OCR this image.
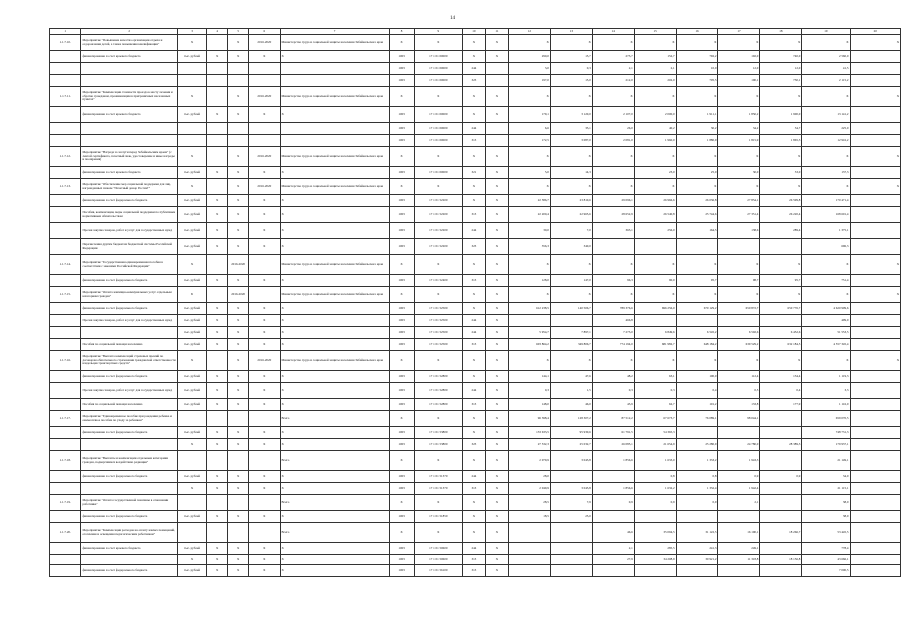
14
1	2	3	4	5	6	7	8	9	10	11	12	13	14	15	16	17	18	19	20
1.1.7.10.	Мероприятие "Повышение качества организации отдыха и оздоровления детей, а также повышения квалификации"	X		X	2016-2020	Министерство труда и социальной защиты населения Забайкальского края	X	X	X	X	X	X	X	X	X	X	X	X	X
	финансирование за счет краевого бюджета	тыс. рублей	X	X	X	X	1003	17 1 01 00000	X	X	290,0	15,7	273,7	152,7	792,2	192,0	740,0	2 560,0	
							1003	17 1 01 00000	244		3,0	0,3	2,1	2,1	10,0	12,0	12,0	41,5	
							1003	17 1 01 00000	323		197,0	15,0	212,0	202,0	705,5	190,1	730,1	2 115,2	
1.1.7.11.	Мероприятие "Компенсация стоимости проезда к месту лечения и обратно гражданам, проживающим в приграничных населенных пунктах"	X		X	2016-2020	Министерство труда и социальной защиты населения Забайкальского края	X	X	X	X	X	X	X	X	X	X	X	X	X
	финансирование за счет краевого бюджета	тыс. рублей	X	X	X	X	1003	17 1 01 00000	X	X	179,1	3 120,0	2 107,0	2 000,0	1 911,1	1 850,2	1 900,0	13 141,2	
							1003	17 1 01 00000	244		6,6	33,1	26,0	40,2	30,2	34,2	34,7	225,0	
							1003	17 1 01 00000	313		172,5	3 087,0	2 081,0	1 960,0	1 880,9	1 815,9	1 865,3	12 916,2	
1.1.7.12.	Мероприятие "Награда за заслуги перед Забайкальским краем" (с лентой сертификата, почетный знак, удостоверение и иные награды и поощрения)	X		X	2016-2020	Министерство труда и социальной защиты населения Забайкальского края	X	X	X	X	X	X	X	X	X	X	X	X	X
	финансирование за счет краевого бюджета	тыс. рублей	X	X	X	X	1003	17 1 01 00000	321	X	5,0	14,3		23,0	25,0	30,0	33,0	137,3	
1.1.7.13.	Мероприятие "Обеспечение мер социальной поддержки для лиц, награжденных знаком "Почетный донор России""	X		X	2016-2020	Министерство труда и социальной защиты населения Забайкальского края	X	X	X	X	X	X	X	X	X	X	X	X	X
	финансирование за счет федерального бюджета	тыс. рублей	X	X	X	X	1003	17 1 01 52200	X	X	22 586,7	23 810,6	29 096,1	26 966,6	26 036,8	27 854,1	26 599,8	170 471,4	
	Пособия, компенсации, меры социальной поддержки по публичным нормативным обязательствам	тыс. рублей	X	X	X	X	1003	17 1 01 52200	313	X	22 200,4	22 965,6	28 652,9	26 540,8	25 744,6	27 351,4	26 220,4	168 601,4	
	Прочая закупка товаров, работ и услуг для государственных нужд	тыс. рублей	X	X	X	X	1003	17 1 01 52200	244	X	30,0	7,0	363,1	256,0	164,5	138,6	289,4	1 375,1	
	Перечисления другим бюджетам бюджетной системы Российской Федерации	тыс. рублей	X	X	X	X	1003	17 1 01 52200	323	X	356,3	340,0						696,3	
1.1.7.14.	Мероприятие "Государственная единовременная пособия в соответствии с законами Российской Федерации"	X		2016-2020		Министерство труда и социальной защиты населения Забайкальского края	X	X	X	X	X	X	X	X	X	X	X	X	X
	финансирование за счет федерального бюджета	тыс. рублей	X	X	X	X	1003	17 1 01 52400	313	X	128,0	147,0	96,3	90,0	95,7	98,7	95,7	751,4	
1.1.7.15.	Мероприятие "Оплата жилищно-коммунальных услуг отдельным категориям граждан"	Б		2016-2020		Министерство труда и социальной защиты населения Забайкальского края	X	X	X	X	X	X	X	X	X	X	X	X	X
	финансирование за счет федерального бюджета	тыс. рублей	X	X	X	X	1003	17 1 01 52500	X	X	612 238,5	140 506,7	789 376,6	696 256,0	670 129,2	650 872,7	650 776,7	4 620 909,6	
	Прочая закупка товаров, работ и услуг для государственных нужд	тыс. рублей	X	X	X	X	1003	17 1 01 52500	244	X			466,8					499,0	
		тыс. рублей	X	X	X	X	1003	17 1 01 52500	244	X	5 954,7	7 897,1	7 273,0	6 849,6	6 545,2	6 502,6	6 452,6	51 553,5	
	Пособия по социальной помощи населению	тыс. рублей	X	X	X	X	1003	17 1 01 52500	313	X	603 864,2	349 806,7	774 194,0	681 982,7	648 184,2	639 529,2	632 184,5	4 557 345,4	
1.1.7.16.	Мероприятие "Выплата компенсаций страховых премий по договорам обязательного страхования гражданской ответственности владельцев транспортных средств"	X		X	2016-2020	Министерство труда и социальной защиты населения Забайкальского края	X	X	X	X	X	X	X	X	X	X	X	X	X
	финансирование за счет федерального бюджета	тыс. рублей	X	X	X	X	1003	17 1 01 52800	X	X	144,1	47,6	48,2	63,1	100,0	112,4	134,4	1 119,3	
	Прочая закупка товаров, работ и услуг для государственных нужд	тыс. рублей	X	X	X	X	1003	17 1 01 52800	244	X	0,3	1,5	0,3	0,3	0,4	0,5	0,4	3,3	
	Пособия по социальной помощи населению	тыс. рублей	X	X	X	X	1003	17 1 01 52800	313	X	148,0	46,0	43,9	62,7	101,2	133,8	177,9	1 116,0	
1.1.7.17.	Мероприятие "Единовременное пособие при рождении ребенка и ежемесячное пособие по уходу за ребенком"					Всего	X	X	X	X	96 398,4	128 307,2	87 512,2	67 673,7	76 089,1	98 044,1		659 070,5	
	финансирование за счет федерального бюджета	тыс. рублей	X	X	X	X	1003	17 1 01 53800	X	X	133 633,5	95 930,6	61 791,5	54 365,3				748 731,3	
		X	X	X	X	X	1003	17 1 01 53800	323	X	27 532,3	25 032,7	26 085,1	21 654,9	25 280,9	24 780,0	28 389,3	179 937,1	
1.1.7.18.	Мероприятие "Выплаты и компенсации отдельным категориям граждан, подвергшимся воздействию радиации"					Всего	X	X	X	X	2 079,9	3 043,8	1 856,6	1 633,0	1 333,2	1 943,3		21 149,1	
	финансирование за счет федерального бюджета	тыс. рублей	X	X	X	X	1003	17 1 01 51370	244	X	28,0			0,8	0,8	0,9	0,9	34,0	
		X	X	X	X	X	1003	17 1 01 51370	313	X	2 049,9	3 043,8	1 856,6	1 632,2	1 332,4	1 942,4		21 115,1	
1.1.7.19.	Мероприятие "Оплата государственной пошлины в отношении работника"					Всего	X	X	X	X	28,5	7,9	0,9	0,9	0,9	2,1		38,0	
	финансирование за счет федерального бюджета	тыс. рублей	X	X	X	X	1003	17 1 01 51850	X	X	18,5	25,0						38,0	
1.1.7.20.	Мероприятие "Компенсация расходов на оплату жилых помещений, отопления и освещения педагогическим работникам"					Всего	X	X	X	X			46,6	35 094,5	31 122,5	16 190,1	18 266,7	53 445,5	
	финансирование за счет краевого бюджета	тыс. рублей	X	X	X	X	1003	17 1 01 50600	244	X			2,1	285,5	241,3	249,1		778,4	
		X	X	X	X	X	1003	17 1 01 50600	313	X			27,9	34 208,9	30 921,2	11 318,8	18 156,8	43 666,1	
	финансирование за счет федерального бюджета	тыс. рублей	X	X	X	X	1003	17 1 01 56100	313	X								7 000,5	
